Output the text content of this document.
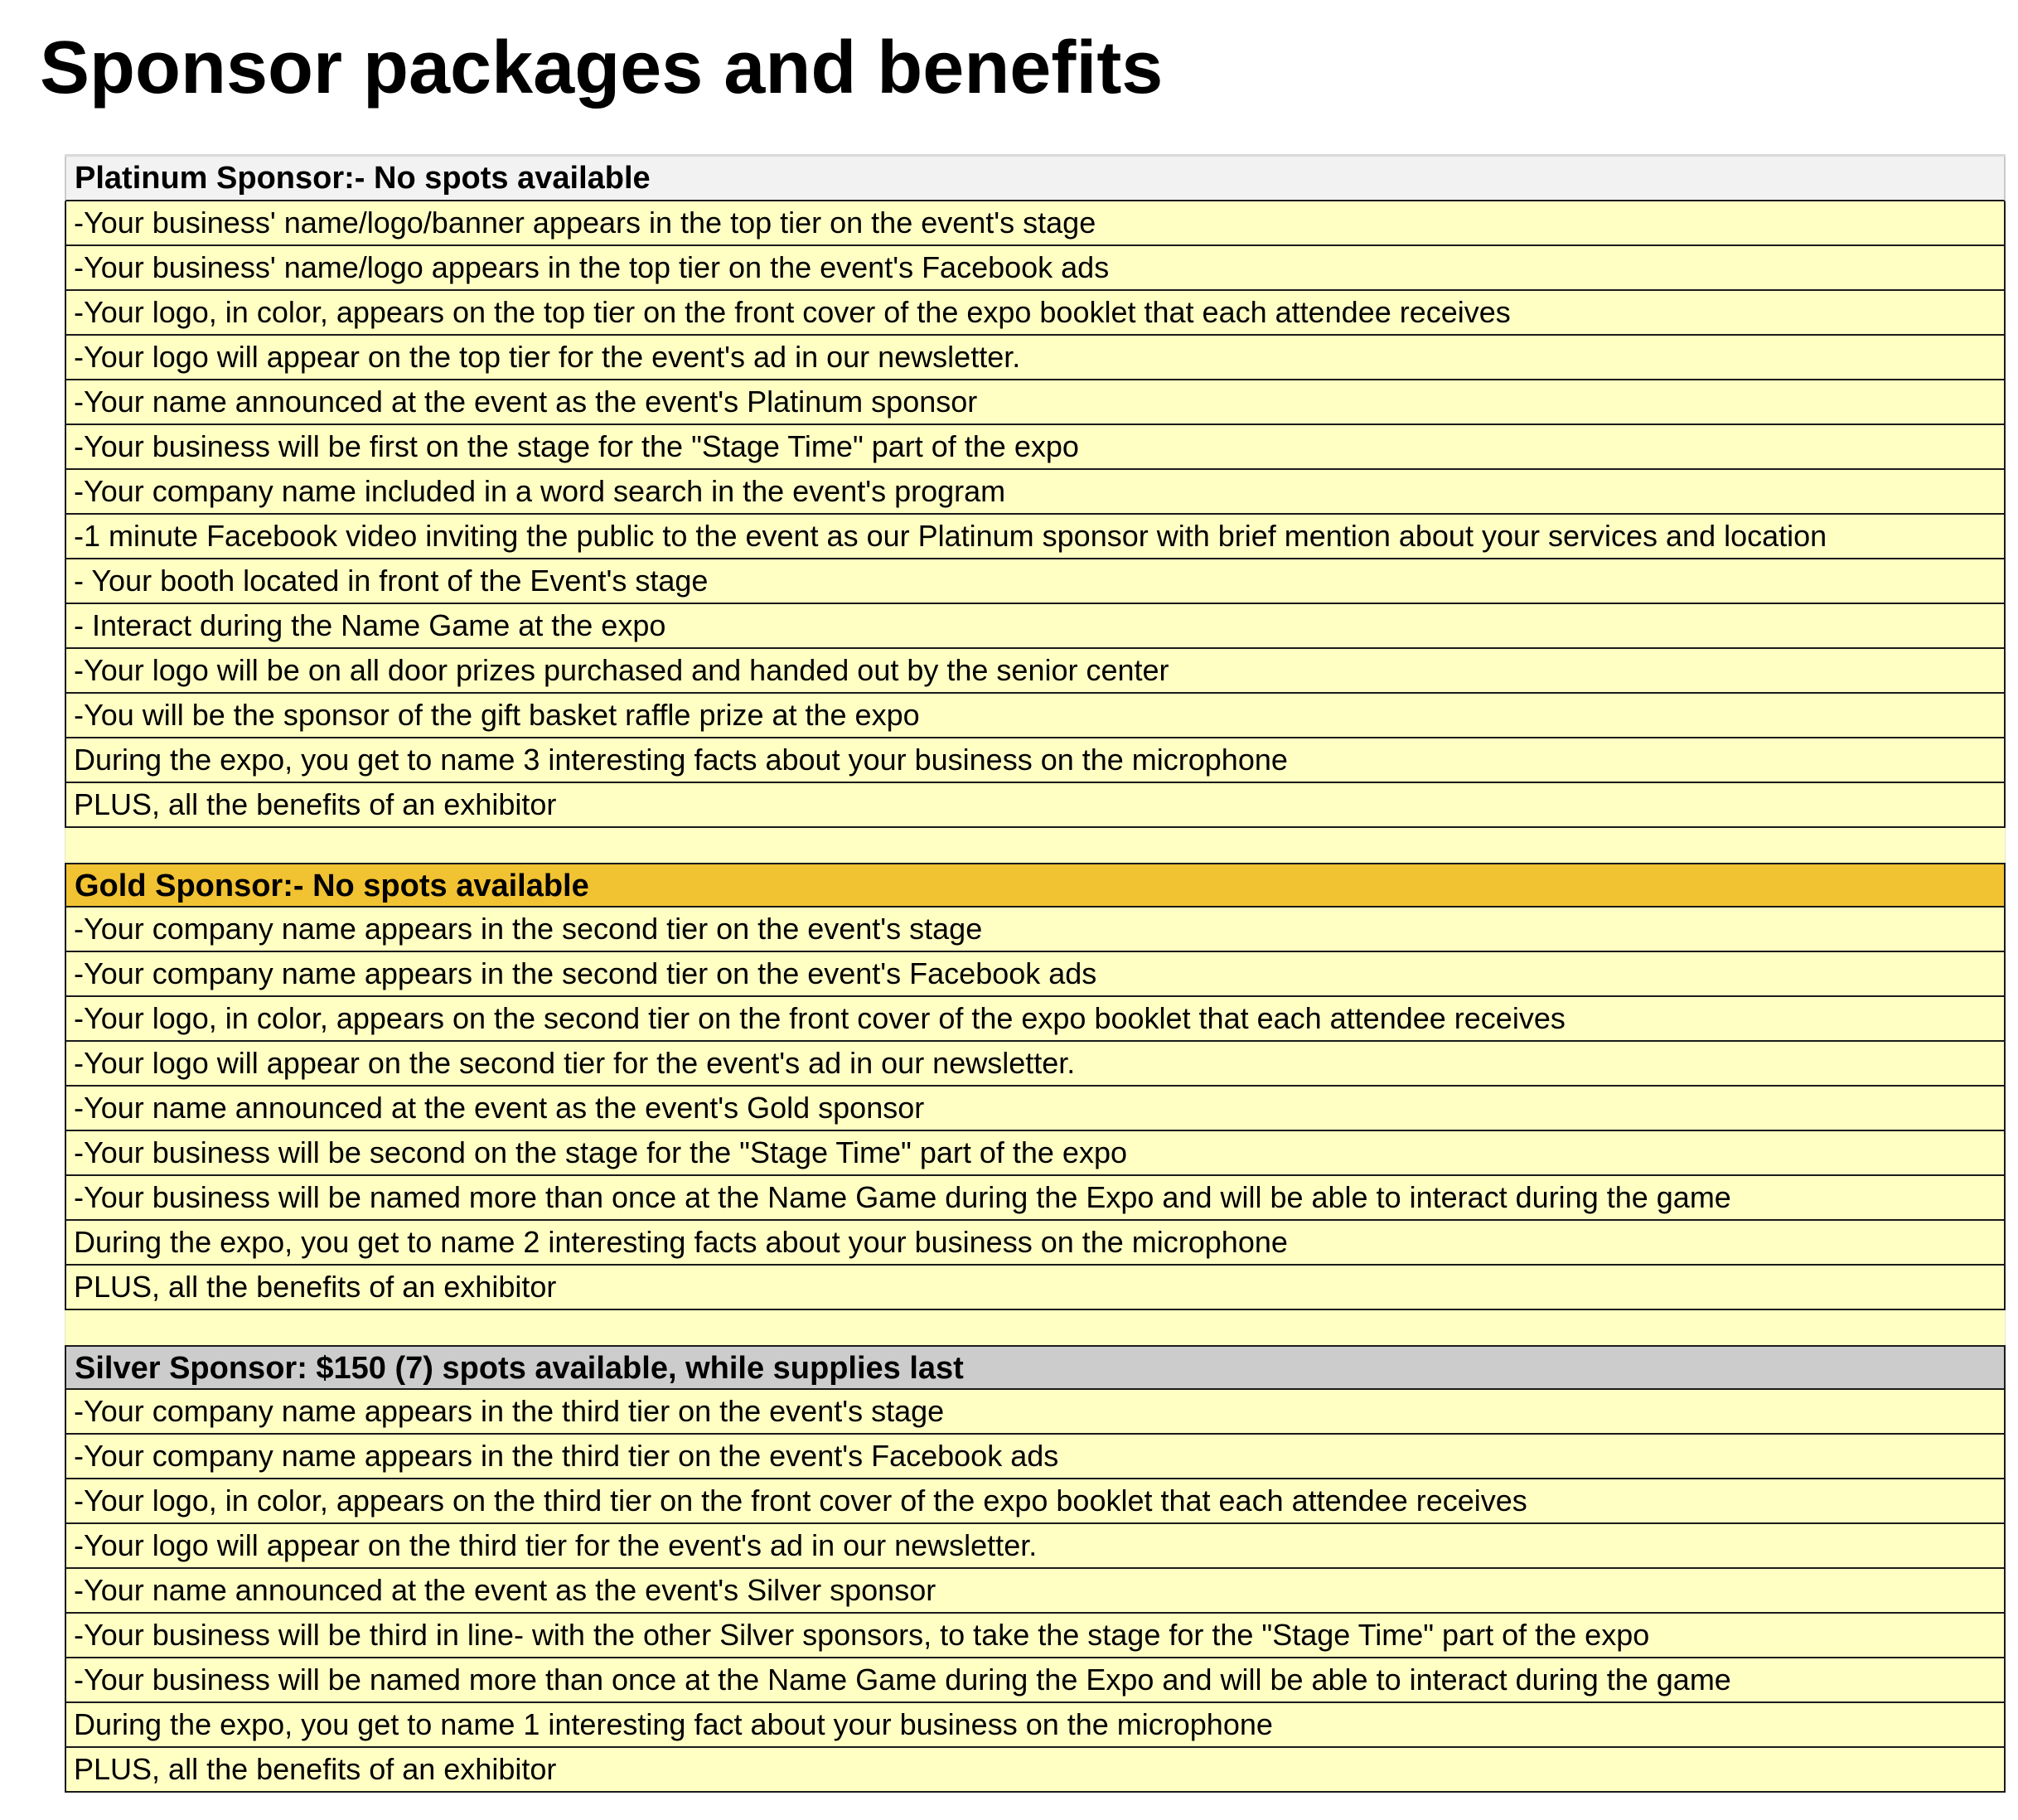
Sponsor packages and benefits
Platinum Sponsor:- No spots available
-Your business' name/logo/banner appears in the top tier on the event's stage
-Your business' name/logo appears in the top tier on the event's Facebook ads
-Your logo, in color, appears on the top tier on the front cover of the expo booklet that each attendee receives
-Your logo will appear on the top tier for the event's ad in our newsletter.
-Your name announced at the event as the event's Platinum sponsor
-Your business will be first on the stage for the "Stage Time" part of the expo
-Your company name included in a word search in the event's program
-1 minute Facebook video inviting the public to the event as our Platinum sponsor with brief mention about your services and location
- Your booth located in front of the Event's stage
- Interact during the Name Game at the expo
-Your logo will be on all door prizes purchased and handed out by the senior center
-You will be the sponsor of the gift basket raffle prize at the expo
During the expo, you get to name 3 interesting facts about your business on the microphone
PLUS, all the benefits of an exhibitor
Gold Sponsor:- No spots available
-Your company name appears in the second tier on the event's stage
-Your company name appears in the second tier on the event's Facebook ads
-Your logo, in color, appears on the second tier on the front cover of the expo booklet that each attendee receives
-Your logo will appear on the second tier for the event's ad in our newsletter.
-Your name announced at the event as the event's Gold sponsor
-Your business will be second on the stage for the "Stage Time" part of the expo
-Your business will be named more than once at the Name Game during the Expo and will be able to interact during the game
During the expo, you get to name 2 interesting facts about your business on the microphone
PLUS, all the benefits of an exhibitor
Silver Sponsor: $150 (7) spots available, while supplies last
-Your company name appears in the third tier on the event's stage
-Your company name appears in the third tier on the event's Facebook ads
-Your logo, in color, appears on the third tier on the front cover of the expo booklet that each attendee receives
-Your logo will appear on the third tier for the event's ad in our newsletter.
-Your name announced at the event as the event's Silver sponsor
-Your business will be third in line- with the other Silver sponsors, to take the stage for the "Stage Time" part of the expo
-Your business will be named more than once at the Name Game during the Expo and will be able to interact during the game
During the expo, you get to name 1 interesting fact about your business on the microphone
PLUS, all the benefits of an exhibitor
